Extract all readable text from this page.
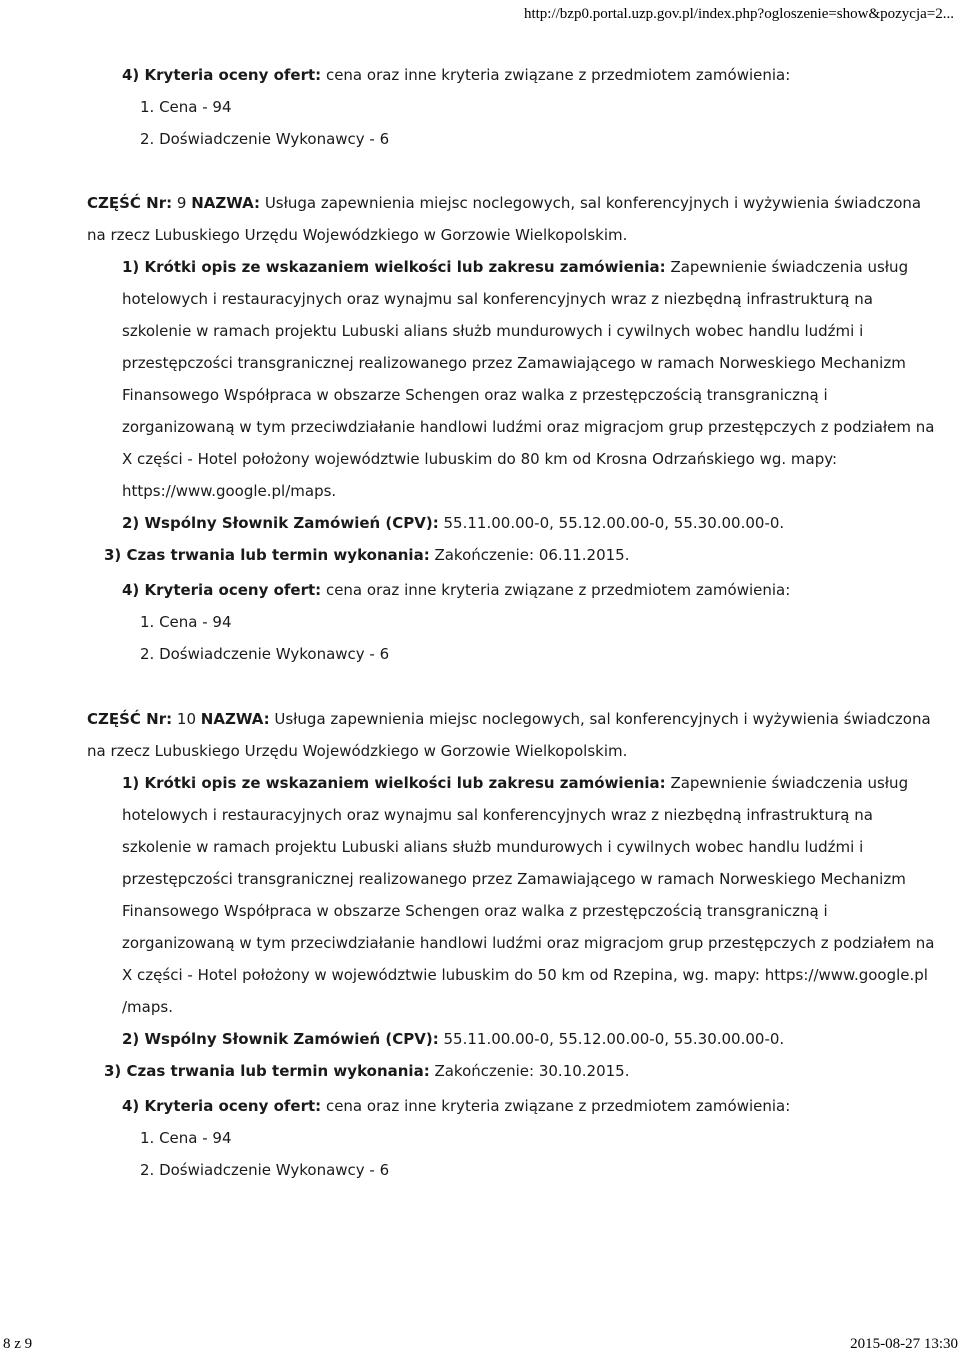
http://bzp0.portal.uzp.gov.pl/index.php?ogloszenie=show&pozycja=2...
4) Kryteria oceny ofert: cena oraz inne kryteria związane z przedmiotem zamówienia:
1. Cena - 94
2. Doświadczenie Wykonawcy - 6
CZĘŚĆ Nr: 9 NAZWA: Usługa zapewnienia miejsc noclegowych, sal konferencyjnych i wyżywienia świadczona
na rzecz Lubuskiego Urzędu Wojewódzkiego w Gorzowie Wielkopolskim.
1) Krótki opis ze wskazaniem wielkości lub zakresu zamówienia: Zapewnienie świadczenia usług
hotelowych i restauracyjnych oraz wynajmu sal konferencyjnych wraz z niezbędną infrastrukturą na
szkolenie w ramach projektu Lubuski alians służb mundurowych i cywilnych wobec handlu ludźmi i
przestępczości transgranicznej realizowanego przez Zamawiającego w ramach Norweskiego Mechanizm
Finansowego Współpraca w obszarze Schengen oraz walka z przestępczością transgraniczną i
zorganizowaną w tym przeciwdziałanie handlowi ludźmi oraz migracjom grup przestępczych z podziałem na
X części - Hotel położony województwie lubuskim do 80 km od Krosna Odrzańskiego wg. mapy:
https://www.google.pl/maps.
2) Wspólny Słownik Zamówień (CPV): 55.11.00.00-0, 55.12.00.00-0, 55.30.00.00-0.
3) Czas trwania lub termin wykonania: Zakończenie: 06.11.2015.
4) Kryteria oceny ofert: cena oraz inne kryteria związane z przedmiotem zamówienia:
1. Cena - 94
2. Doświadczenie Wykonawcy - 6
CZĘŚĆ Nr: 10 NAZWA: Usługa zapewnienia miejsc noclegowych, sal konferencyjnych i wyżywienia świadczona
na rzecz Lubuskiego Urzędu Wojewódzkiego w Gorzowie Wielkopolskim.
1) Krótki opis ze wskazaniem wielkości lub zakresu zamówienia: Zapewnienie świadczenia usług
hotelowych i restauracyjnych oraz wynajmu sal konferencyjnych wraz z niezbędną infrastrukturą na
szkolenie w ramach projektu Lubuski alians służb mundurowych i cywilnych wobec handlu ludźmi i
przestępczości transgranicznej realizowanego przez Zamawiającego w ramach Norweskiego Mechanizm
Finansowego Współpraca w obszarze Schengen oraz walka z przestępczością transgraniczną i
zorganizowaną w tym przeciwdziałanie handlowi ludźmi oraz migracjom grup przestępczych z podziałem na
X części - Hotel położony w województwie lubuskim do 50 km od Rzepina, wg. mapy: https://www.google.pl
/maps.
2) Wspólny Słownik Zamówień (CPV): 55.11.00.00-0, 55.12.00.00-0, 55.30.00.00-0.
3) Czas trwania lub termin wykonania: Zakończenie: 30.10.2015.
4) Kryteria oceny ofert: cena oraz inne kryteria związane z przedmiotem zamówienia:
1. Cena - 94
2. Doświadczenie Wykonawcy - 6
8 z 9	2015-08-27 13:30
